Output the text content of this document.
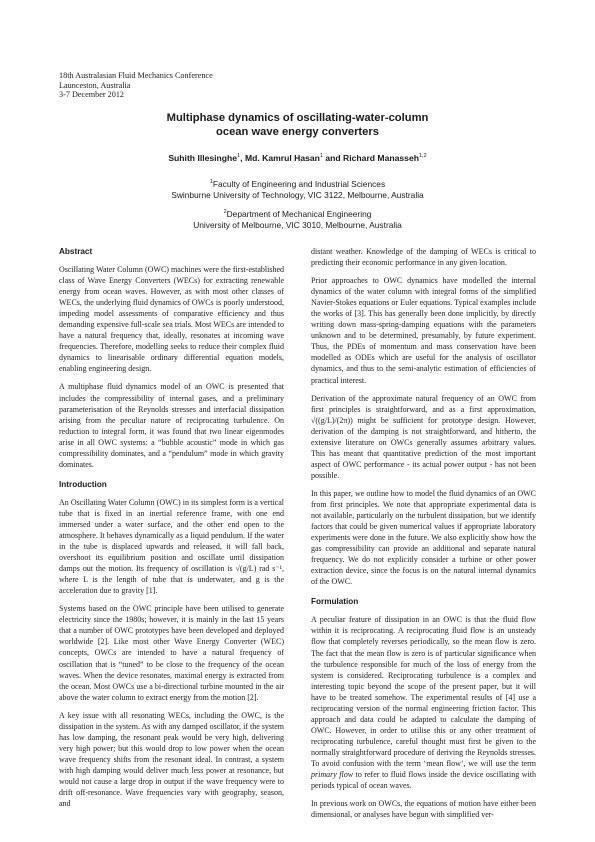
18th Australasian Fluid Mechanics Conference
Launceston, Australia
3-7 December 2012
Multiphase dynamics of oscillating-water-column
ocean wave energy converters
Suhith Illesinghe$^1$, Md. Kamrul Hasan$^1$ and Richard Manasseh$^{1,2}$
$^1$Faculty of Engineering and Industrial Sciences
Swinburne University of Technology, VIC 3122, Melbourne, Australia
$^2$Department of Mechanical Engineering
University of Melbourne, VIC 3010, Melbourne, Australia
Abstract

Oscillating Water Column (OWC) machines were the first-established class of Wave Energy Converters (WECs) for extracting renewable energy from ocean waves. However, as with most other classes of WECs, the underlying fluid dynamics of OWCs is poorly understood, impeding model assessments of comparative efficiency and thus demanding expensive full-scale sea trials. Most WECs are intended to have a natural frequency that, ideally, resonates at incoming wave frequencies. Therefore, modelling seeks to reduce their complex fluid dynamics to linearisable ordinary differential equation models, enabling engineering design.

A multiphase fluid dynamics model of an OWC is presented that includes the compressibility of internal gases, and a preliminary parameterisation of the Reynolds stresses and interfacial dissipation arising from the peculiar nature of reciprocating turbulence. On reduction to integral form, it was found that two linear eigenmodes arise in all OWC systems: a “bubble acoustic” mode in which gas compressibility dominates, and a “pendulum” mode in which gravity dominates.

Introduction

An Oscillating Water Column (OWC) in its simplest form is a vertical tube that is fixed in an inertial reference frame, with one end immersed under a water surface, and the other end open to the atmosphere. It behaves dynamically as a liquid pendulum. If the water in the tube is displaced upwards and released, it will fall back, overshoot its equilibrium position and oscillate until dissipation damps out the motion. Its frequency of oscillation is √(g/L) rad s⁻¹, where L is the length of tube that is underwater, and g is the acceleration due to gravity [1].

Systems based on the OWC principle have been utilised to generate electricity since the 1980s; however, it is mainly in the last 15 years that a number of OWC prototypes have been developed and deployed worldwide [2]. Like most other Wave Energy Converter (WEC) concepts, OWCs are intended to have a natural frequency of oscillation that is “tuned” to be close to the frequency of the ocean waves. When the device resonates, maximal energy is extracted from the ocean. Most OWCs use a bi-directional turbine mounted in the air above the water column to extract energy from the motion [2].

A key issue with all resonating WECs, including the OWC, is the dissipation in the system. As with any damped oscillator, if the system has low damping, the resonant peak would be very high, delivering very high power; but this would drop to low power when the ocean wave frequency shifts from the resonant ideal. In contrast, a system with high damping would deliver much less power at resonance, but would not cause a large drop in output if the wave frequency were to drift off-resonance. Wave frequencies vary with geography, season, and

distant weather. Knowledge of the damping of WECs is critical to predicting their economic performance in any given location.

Prior approaches to OWC dynamics have modelled the internal dynamics of the water column with integral forms of the simplified Navier-Stokes equations or Euler equations. Typical examples include the works of [3]. This has generally been done implicitly, by directly writing down mass-spring-damping equations with the parameters unknown and to be determined, presumably, by future experiment. Thus, the PDEs of momentum and mass conservation have been modelled as ODEs which are useful for the analysis of oscillator dynamics, and thus to the semi-analytic estimation of efficiencies of practical interest.

Derivation of the approximate natural frequency of an OWC from first principles is straightforward, and as a first approximation, √((g/L)/(2π)) might be sufficient for prototype design. However, derivation of the damping is not straightforward, and hitherto, the extensive literature on OWCs generally assumes arbitrary values. This has meant that quantitative prediction of the most important aspect of OWC performance - its actual power output - has not been possible.

In this paper, we outline how to model the fluid dynamics of an OWC from first principles. We note that appropriate experimental data is not available, particularly on the turbulent dissipation, but we identify factors that could be given numerical values if appropriate laboratory experiments were done in the future. We also explicitly show how the gas compressibility can provide an additional and separate natural frequency. We do not explicitly consider a turbine or other power extraction device, since the focus is on the natural internal dynamics of the OWC.

Formulation

A peculiar feature of dissipation in an OWC is that the fluid flow within it is reciprocating. A reciprocating fluid flow is an unsteady flow that completely reverses periodically, so the mean flow is zero. The fact that the mean flow is zero is of particular significance when the turbulence responsible for much of the loss of energy from the system is considered. Reciprocating turbulence is a complex and interesting topic beyond the scope of the present paper, but it will have to be treated somehow. The experimental results of [4] use a reciprocating version of the normal engineering friction factor. This approach and data could be adapted to calculate the damping of OWC. However, in order to utilise this or any other treatment of reciprocating turbulence, careful thought must first be given to the normally straightforward procedure of deriving the Reynolds stresses. To avoid confusion with the term ‘mean flow’, we will use the term primary flow to refer to fluid flows inside the device oscillating with periods typical of ocean waves.

In previous work on OWCs, the equations of motion have either been dimensional, or analyses have begun with simplified ver-
